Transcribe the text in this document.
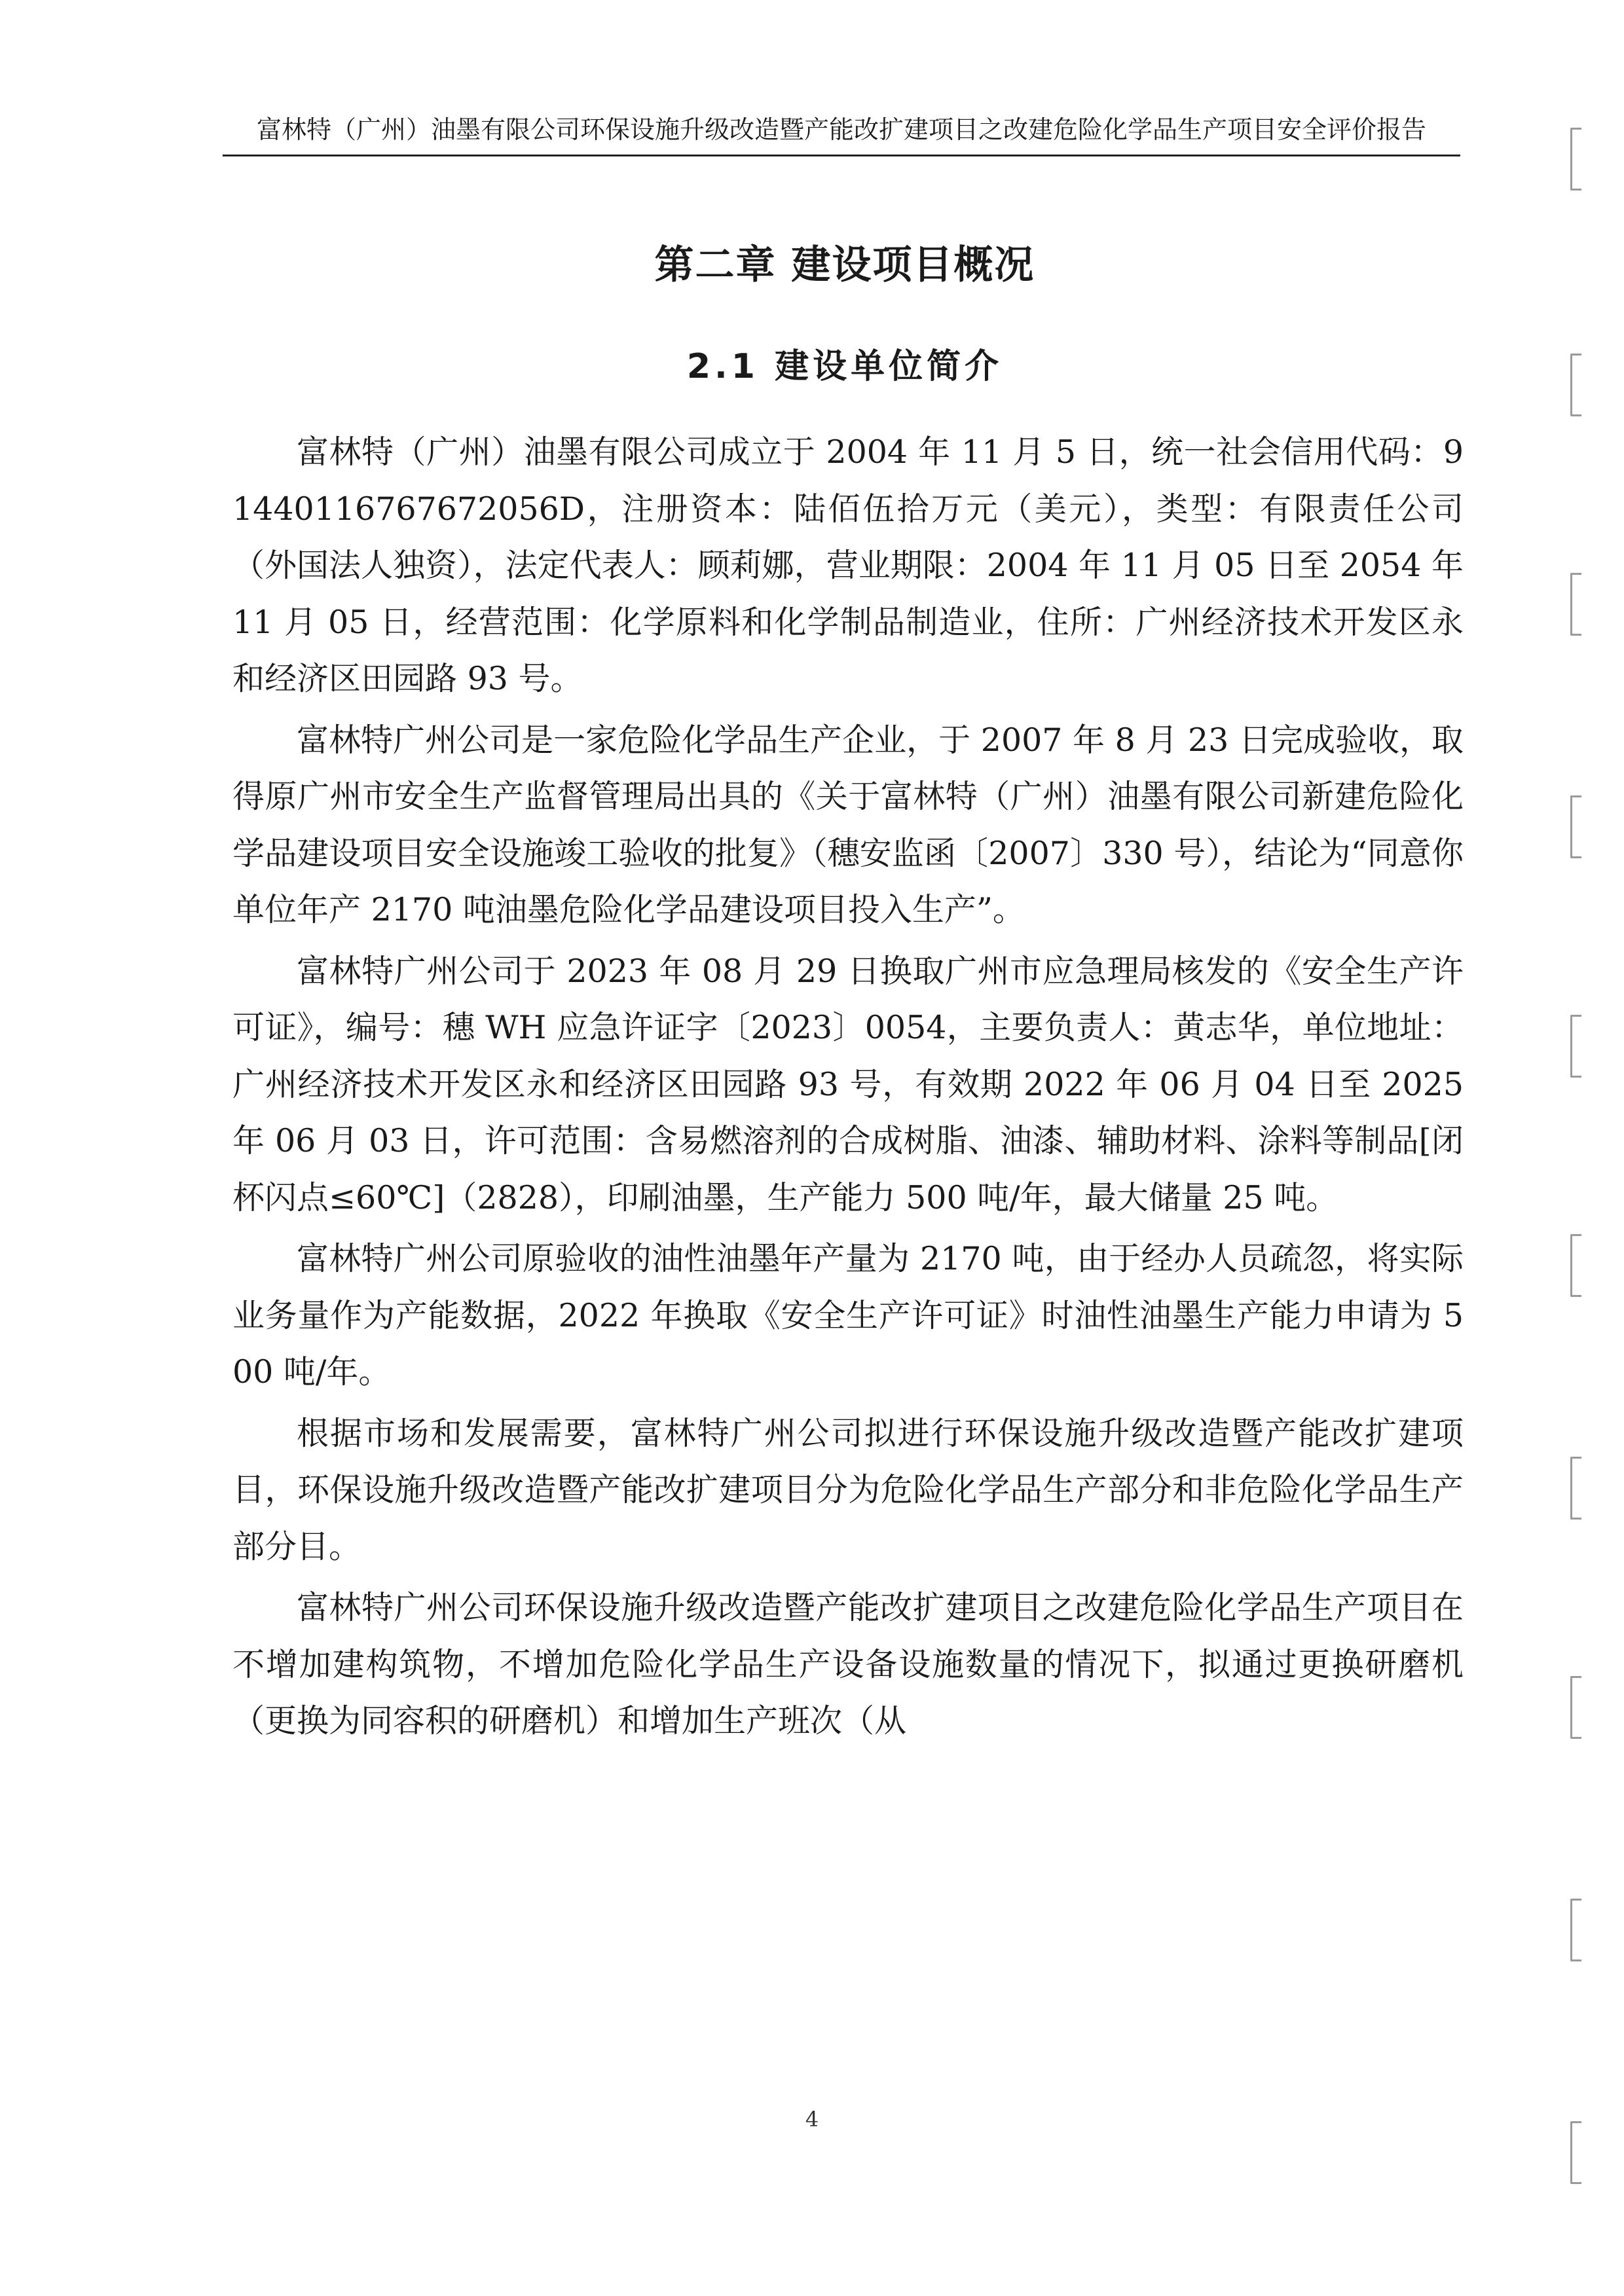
富林特（广州）油墨有限公司环保设施升级改造暨产能改扩建项目之改建危险化学品生产项目安全评价报告
第二章 建设项目概况
2.1 建设单位简介

富林特（广州）油墨有限公司成立于 2004 年 11 月 5 日，统一社会信用代码：91440116767672056D，注册资本：陆佰伍拾万元（美元），类型：有限责任公司（外国法人独资），法定代表人：顾莉娜，营业期限：2004 年 11 月 05 日至 2054 年 11 月 05 日，经营范围：化学原料和化学制品制造业，住所：广州经济技术开发区永和经济区田园路 93 号。

富林特广州公司是一家危险化学品生产企业，于 2007 年 8 月 23 日完成验收，取得原广州市安全生产监督管理局出具的《关于富林特（广州）油墨有限公司新建危险化学品建设项目安全设施竣工验收的批复》（穗安监函〔2007〕330 号），结论为“同意你单位年产 2170 吨油墨危险化学品建设项目投入生产”。

富林特广州公司于 2023 年 08 月 29 日换取广州市应急理局核发的《安全生产许可证》，编号：穗 WH 应急许证字〔2023〕0054，主要负责人：黄志华，单位地址：广州经济技术开发区永和经济区田园路 93 号，有效期 2022 年 06 月 04 日至 2025 年 06 月 03 日，许可范围：含易燃溶剂的合成树脂、油漆、辅助材料、涂料等制品[闭杯闪点≤60℃]（2828），印刷油墨，生产能力 500 吨/年，最大储量 25 吨。

富林特广州公司原验收的油性油墨年产量为 2170 吨，由于经办人员疏忽，将实际业务量作为产能数据，2022 年换取《安全生产许可证》时油性油墨生产能力申请为 500 吨/年。

根据市场和发展需要，富林特广州公司拟进行环保设施升级改造暨产能改扩建项目，环保设施升级改造暨产能改扩建项目分为危险化学品生产部分和非危险化学品生产部分目。

富林特广州公司环保设施升级改造暨产能改扩建项目之改建危险化学品生产项目在不增加建构筑物，不增加危险化学品生产设备设施数量的情况下，拟通过更换研磨机（更换为同容积的研磨机）和增加生产班次（从

4
